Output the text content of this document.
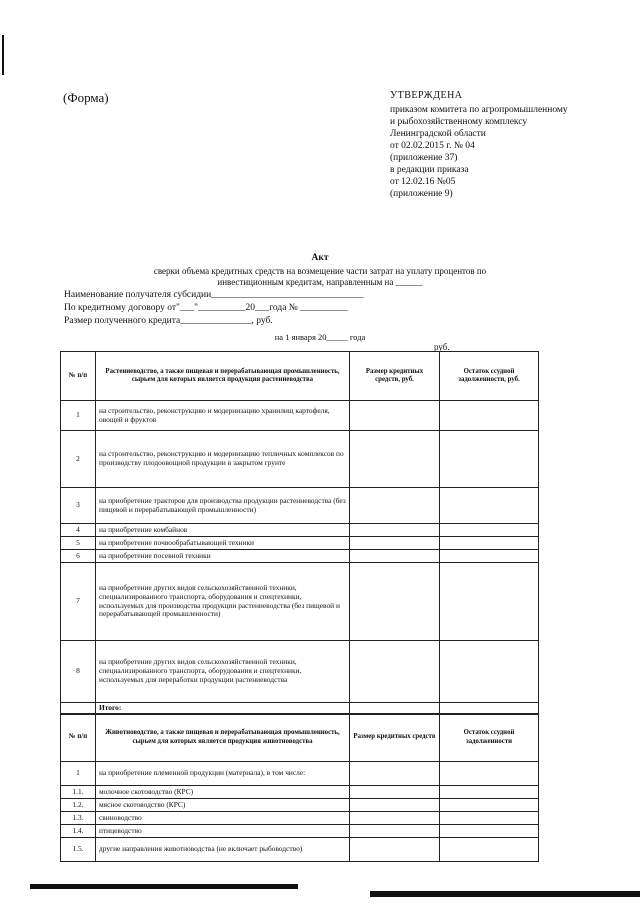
(Форма)	УТВЕРЖДЕНА
приказом комитета по агропромышленному
и рыбохозяйственному комплексу
Ленинградской области
от 02.02.2015 г. № 04
(приложение 37)
в редакции приказа
от 12.02.16 №05
(приложение 9)
Акт
сверки объема кредитных средств на возмещение части затрат на уплату процентов по
инвестиционным кредитам, направленным на ______
Наименование получателя субсидии________________________________
По кредитному договору от"___"__________20___года № __________
Размер полученного кредита_______________, руб.
на 1 января 20_____ года
руб.
№ п/п	Растениеводство, а также пищевая и перерабатывающая промышленность, сырьем для которых является продукция растениеводства	Размер кредитных средств, руб.	Остаток ссудной задолженности, руб.
1	на строительство, реконструкцию и модернизацию хранилищ картофеля, овощей и фруктов		
2	на строительство, реконструкцию и модернизацию тепличных комплексов по производству плодоовощной продукции в закрытом грунте		
3	на приобретение тракторов для производства продукции растениеводства (без пищевой и перерабатывающей промышленности)		
4	на приобретение комбайнов		
5	на приобретение почвообрабатывающей техники		
6	на приобретение посевной техники		
7	на приобретение других видов сельскохозяйственной техники, специализированного транспорта, оборудования и спецтехники, используемых для производства продукции растениеводства (без пищевой и перерабатывающей промышленности)		
8	на приобретение других видов сельскохозяйственной техники, специализированного транспорта, оборудования и спецтехники, используемых для переработки продукции растениеводства		
	Итого:		
№ п/п	Животноводство, а также пищевая и перерабатывающая промышленность, сырьем для которых является продукция животноводства	Размер кредитных средств	Остаток ссудной задолженности
1	на приобретение племенной продукции (материала), в том числе:		
1.1.	молочное скотоводство (КРС)		
1.2.	мясное скотоводство (КРС)		
1.3.	свиноводство		
1.4.	птицеводство		
1.5.	другие направления животноводства (не включает рыбоводство)		
